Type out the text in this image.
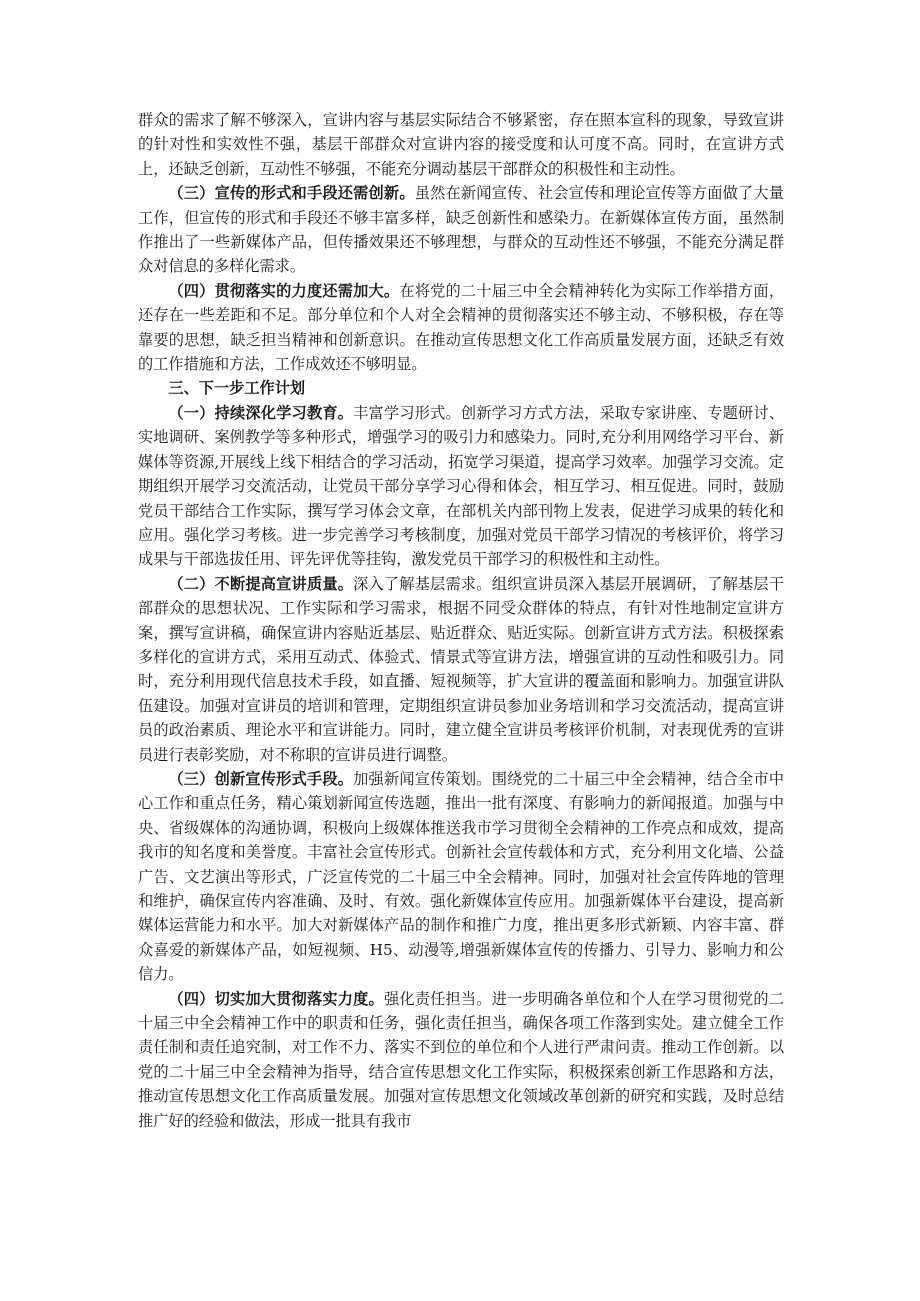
群众的需求了解不够深入，宣讲内容与基层实际结合不够紧密，存在照本宣科的现象，导致宣讲的针对性和实效性不强，基层干部群众对宣讲内容的接受度和认可度不高。同时，在宣讲方式上，还缺乏创新，互动性不够强，不能充分调动基层干部群众的积极性和主动性。

（三）宣传的形式和手段还需创新。虽然在新闻宣传、社会宣传和理论宣传等方面做了大量工作，但宣传的形式和手段还不够丰富多样，缺乏创新性和感染力。在新媒体宣传方面，虽然制作推出了一些新媒体产品，但传播效果还不够理想，与群众的互动性还不够强，不能充分满足群众对信息的多样化需求。

（四）贯彻落实的力度还需加大。在将党的二十届三中全会精神转化为实际工作举措方面，还存在一些差距和不足。部分单位和个人对全会精神的贯彻落实还不够主动、不够积极，存在等靠要的思想，缺乏担当精神和创新意识。在推动宣传思想文化工作高质量发展方面，还缺乏有效的工作措施和方法，工作成效还不够明显。

三、下一步工作计划

（一）持续深化学习教育。丰富学习形式。创新学习方式方法，采取专家讲座、专题研讨、实地调研、案例教学等多种形式，增强学习的吸引力和感染力。同时,充分利用网络学习平台、新媒体等资源,开展线上线下相结合的学习活动，拓宽学习渠道，提高学习效率。加强学习交流。定期组织开展学习交流活动，让党员干部分享学习心得和体会，相互学习、相互促进。同时，鼓励党员干部结合工作实际，撰写学习体会文章，在部机关内部刊物上发表，促进学习成果的转化和应用。强化学习考核。进一步完善学习考核制度，加强对党员干部学习情况的考核评价，将学习成果与干部选拔任用、评先评优等挂钩，激发党员干部学习的积极性和主动性。

（二）不断提高宣讲质量。深入了解基层需求。组织宣讲员深入基层开展调研，了解基层干部群众的思想状况、工作实际和学习需求，根据不同受众群体的特点，有针对性地制定宣讲方案，撰写宣讲稿，确保宣讲内容贴近基层、贴近群众、贴近实际。创新宣讲方式方法。积极探索多样化的宣讲方式，采用互动式、体验式、情景式等宣讲方法，增强宣讲的互动性和吸引力。同时，充分利用现代信息技术手段，如直播、短视频等，扩大宣讲的覆盖面和影响力。加强宣讲队伍建设。加强对宣讲员的培训和管理，定期组织宣讲员参加业务培训和学习交流活动，提高宣讲员的政治素质、理论水平和宣讲能力。同时，建立健全宣讲员考核评价机制，对表现优秀的宣讲员进行表彰奖励，对不称职的宣讲员进行调整。

（三）创新宣传形式手段。加强新闻宣传策划。围绕党的二十届三中全会精神，结合全市中心工作和重点任务，精心策划新闻宣传选题，推出一批有深度、有影响力的新闻报道。加强与中央、省级媒体的沟通协调，积极向上级媒体推送我市学习贯彻全会精神的工作亮点和成效，提高我市的知名度和美誉度。丰富社会宣传形式。创新社会宣传载体和方式，充分利用文化墙、公益广告、文艺演出等形式，广泛宣传党的二十届三中全会精神。同时，加强对社会宣传阵地的管理和维护，确保宣传内容准确、及时、有效。强化新媒体宣传应用。加强新媒体平台建设，提高新媒体运营能力和水平。加大对新媒体产品的制作和推广力度，推出更多形式新颖、内容丰富、群众喜爱的新媒体产品，如短视频、H5、动漫等,增强新媒体宣传的传播力、引导力、影响力和公信力。

（四）切实加大贯彻落实力度。强化责任担当。进一步明确各单位和个人在学习贯彻党的二十届三中全会精神工作中的职责和任务，强化责任担当，确保各项工作落到实处。建立健全工作责任制和责任追究制，对工作不力、落实不到位的单位和个人进行严肃问责。推动工作创新。以党的二十届三中全会精神为指导，结合宣传思想文化工作实际，积极探索创新工作思路和方法，推动宣传思想文化工作高质量发展。加强对宣传思想文化领域改革创新的研究和实践，及时总结推广好的经验和做法，形成一批具有我市
